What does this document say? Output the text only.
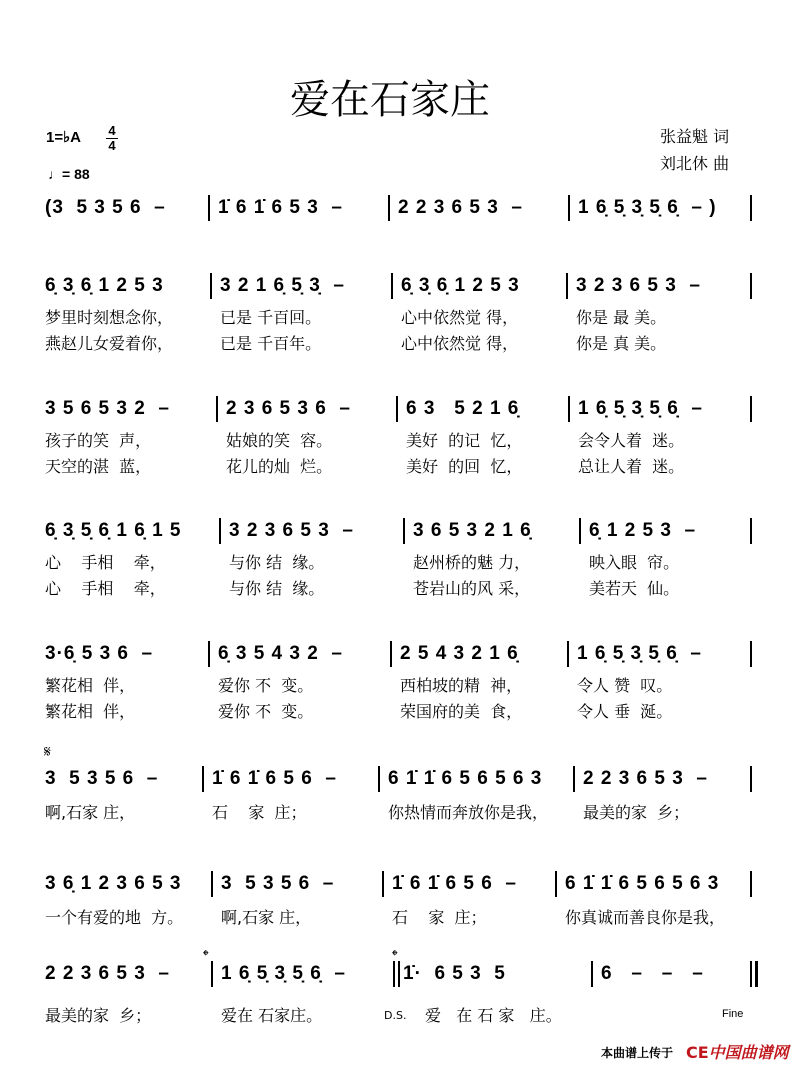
爱在石家庄
1=♭A 4
4
♩= 88
张益魁 词
刘北休 曲
(3  5 3 5 6  –	1̇ 6 1̇ 6 5 3  –	2 2 3 6 5 3  –	1 6̣ 5̣ 3̣ 5̣ 6̣  – )
6̣ 3̣ 6̣ 1 2 5 3
梦里时刻想念你，
燕赵儿女爱着你，
3 2 1 6̣ 5̣ 3̣  –
已是 千百回。
已是 千百年。
6̣ 3̣ 6̣ 1 2 5 3
心中依然觉 得，
心中依然觉 得，
3 2 3 6 5 3  –
你是 最 美。
你是 真 美。
3 5 6 5 3 2  –
孩子的笑  声，
天空的湛  蓝，
2 3 6 5 3 6  –
姑娘的笑  容。
花儿的灿  烂。
6 3   5 2 1 6̣
美好  的记  忆，
美好  的回  忆，
1 6̣ 5̣ 3̣ 5̣ 6̣  –
会令人着  迷。
总让人着  迷。
6̣ 3̣ 5̣ 6̣ 1 6̣ 1 5
心    手相    牵，
心    手相    牵，
3 2 3 6 5 3  –
与你 结  缘。
与你 结  缘。
3 6 5 3 2 1 6̣
赵州桥的魅 力，
苍岩山的风 采，
6̣ 1 2 5 3  –
映入眼  帘。
美若天  仙。
3·6̣ 5 3 6  –
繁花相  伴，
繁花相  伴，
6̣ 3 5 4 3 2  –
爱你 不  变。
爱你 不  变。
2 5 4 3 2 1 6̣
西柏坡的精  神，
荣国府的美  食，
1 6̣ 5̣ 3̣ 5̣ 6̣  –
令人 赞  叹。
令人 垂  涎。
3  5 3 5 6  –
啊,石家 庄，
1̇ 6 1̇ 6 5 6  –
石    家  庄；
6 1̇ 1̇ 6 5 6 5 6 3
你热情而奔放你是我，
2 2 3 6 5 3  –
最美的家  乡；
3 6̣ 1 2 3 6 5 3
一个有爱的地  方。
3  5 3 5 6  –
啊,石家 庄，
1̇ 6 1̇ 6 5 6  –
石    家  庄；
6 1̇ 1̇ 6 5 6 5 6 3
你真诚而善良你是我，
2 2 3 6 5 3  –
最美的家  乡；
1 6̣ 5̣ 3̣ 5̣ 6̣  –
爱在 石家庄。
1̇·  6 5 3  5
爱   在 石 家   庄。
6   –   –   –
𝄋
𝄌	𝄌
D.S.	Fine
本曲谱上传于 CE中国曲谱网
